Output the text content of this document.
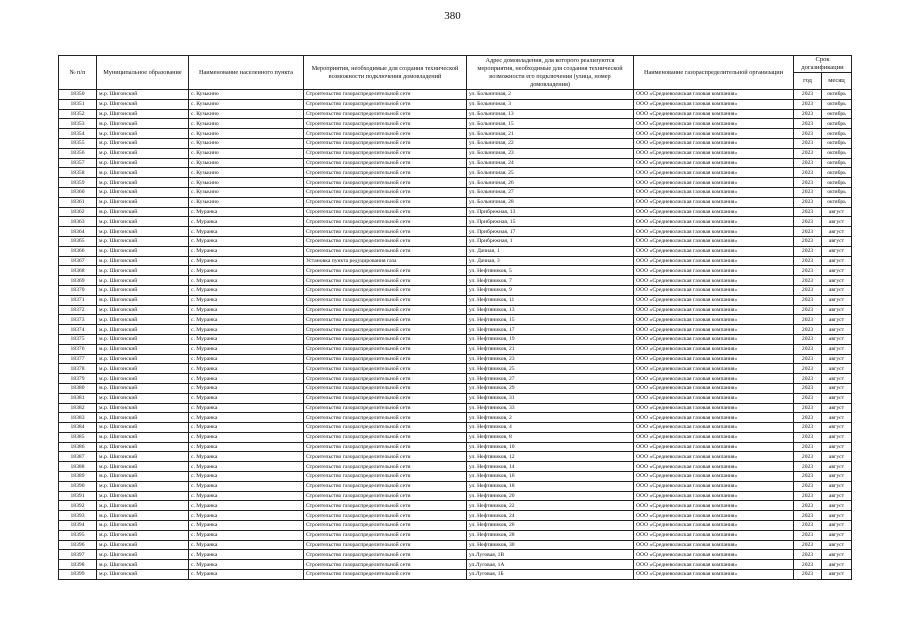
380
№ п/п	Муниципальное образование	Наименование населенного пункта	Мероприятия, необходимые для создания технической возможности подключения домовладений	Адрес домовладения, для которого реализуются мероприятия, необходимые для создания технической возможности его подключения (улица, номер домовладения)	Наименование газораспределительной организации	Срок догазификации	
						год	месяц
18350	м.р. Шигонский	с. Кузькино	Строительство газораспределительной сети	ул. Больничная, 2	ООО «Средневолжская газовая компания»	2023	октябрь
18351	м.р. Шигонский	с. Кузькино	Строительство газораспределительной сети	ул. Больничная, 3	ООО «Средневолжская газовая компания»	2023	октябрь
18352	м.р. Шигонский	с. Кузькино	Строительство газораспределительной сети	ул. Больничная, 13	ООО «Средневолжская газовая компания»	2023	октябрь
18353	м.р. Шигонский	с. Кузькино	Строительство газораспределительной сети	ул. Больничная, 15	ООО «Средневолжская газовая компания»	2023	октябрь
18354	м.р. Шигонский	с. Кузькино	Строительство газораспределительной сети	ул. Больничная, 21	ООО «Средневолжская газовая компания»	2023	октябрь
18355	м.р. Шигонский	с. Кузькино	Строительство газораспределительной сети	ул. Больничная, 22	ООО «Средневолжская газовая компания»	2023	октябрь
18356	м.р. Шигонский	с. Кузькино	Строительство газораспределительной сети	ул. Больничная, 23	ООО «Средневолжская газовая компания»	2023	октябрь
18357	м.р. Шигонский	с. Кузькино	Строительство газораспределительной сети	ул. Больничная, 24	ООО «Средневолжская газовая компания»	2023	октябрь
18358	м.р. Шигонский	с. Кузькино	Строительство газораспределительной сети	ул. Больничная, 25	ООО «Средневолжская газовая компания»	2023	октябрь
18359	м.р. Шигонский	с. Кузькино	Строительство газораспределительной сети	ул. Больничная, 26	ООО «Средневолжская газовая компания»	2023	октябрь
18360	м.р. Шигонский	с. Кузькино	Строительство газораспределительной сети	ул. Больничная, 27	ООО «Средневолжская газовая компания»	2023	октябрь
18361	м.р. Шигонский	с. Кузькино	Строительство газораспределительной сети	ул. Больничная, 28	ООО «Средневолжская газовая компания»	2023	октябрь
18362	м.р. Шигонский	с. Муранка	Строительство газораспределительной сети	ул. Прибрежная, 13	ООО «Средневолжская газовая компания»	2023	август
18363	м.р. Шигонский	с. Муранка	Строительство газораспределительной сети	ул. Прибрежная, 15	ООО «Средневолжская газовая компания»	2023	август
18364	м.р. Шигонский	с. Муранка	Строительство газораспределительной сети	ул. Прибрежная, 17	ООО «Средневолжская газовая компания»	2023	август
18365	м.р. Шигонский	с. Муранка	Строительство газораспределительной сети	ул. Прибрежная, 1	ООО «Средневолжская газовая компания»	2023	август
18366	м.р. Шигонский	с. Муранка	Строительство газораспределительной сети	ул. Дачная, 1	ООО «Средневолжская газовая компания»	2023	август
18367	м.р. Шигонский	с. Муранка	Установка пункта редуцирования газа	ул. Дачная, 3	ООО «Средневолжская газовая компания»	2023	август
18368	м.р. Шигонский	с. Муранка	Строительство газораспределительной сети	ул. Нефтяников, 5	ООО «Средневолжская газовая компания»	2023	август
18369	м.р. Шигонский	с. Муранка	Строительство газораспределительной сети	ул. Нефтяников, 7	ООО «Средневолжская газовая компания»	2023	август
18370	м.р. Шигонский	с. Муранка	Строительство газораспределительной сети	ул. Нефтяников, 9	ООО «Средневолжская газовая компания»	2023	август
18371	м.р. Шигонский	с. Муранка	Строительство газораспределительной сети	ул. Нефтяников, 11	ООО «Средневолжская газовая компания»	2023	август
18372	м.р. Шигонский	с. Муранка	Строительство газораспределительной сети	ул. Нефтяников, 13	ООО «Средневолжская газовая компания»	2023	август
18373	м.р. Шигонский	с. Муранка	Строительство газораспределительной сети	ул. Нефтяников, 15	ООО «Средневолжская газовая компания»	2023	август
18374	м.р. Шигонский	с. Муранка	Строительство газораспределительной сети	ул. Нефтяников, 17	ООО «Средневолжская газовая компания»	2023	август
18375	м.р. Шигонский	с. Муранка	Строительство газораспределительной сети	ул. Нефтяников, 19	ООО «Средневолжская газовая компания»	2023	август
18376	м.р. Шигонский	с. Муранка	Строительство газораспределительной сети	ул. Нефтяников, 21	ООО «Средневолжская газовая компания»	2023	август
18377	м.р. Шигонский	с. Муранка	Строительство газораспределительной сети	ул. Нефтяников, 23	ООО «Средневолжская газовая компания»	2023	август
18378	м.р. Шигонский	с. Муранка	Строительство газораспределительной сети	ул. Нефтяников, 25	ООО «Средневолжская газовая компания»	2023	август
18379	м.р. Шигонский	с. Муранка	Строительство газораспределительной сети	ул. Нефтяников, 27	ООО «Средневолжская газовая компания»	2023	август
18380	м.р. Шигонский	с. Муранка	Строительство газораспределительной сети	ул. Нефтяников, 29	ООО «Средневолжская газовая компания»	2023	август
18381	м.р. Шигонский	с. Муранка	Строительство газораспределительной сети	ул. Нефтяников, 31	ООО «Средневолжская газовая компания»	2023	август
18382	м.р. Шигонский	с. Муранка	Строительство газораспределительной сети	ул. Нефтяников, 33	ООО «Средневолжская газовая компания»	2023	август
18383	м.р. Шигонский	с. Муранка	Строительство газораспределительной сети	ул. Нефтяников, 2	ООО «Средневолжская газовая компания»	2023	август
18384	м.р. Шигонский	с. Муранка	Строительство газораспределительной сети	ул. Нефтяников, 4	ООО «Средневолжская газовая компания»	2023	август
18385	м.р. Шигонский	с. Муранка	Строительство газораспределительной сети	ул. Нефтяников, 8	ООО «Средневолжская газовая компания»	2023	август
18386	м.р. Шигонский	с. Муранка	Строительство газораспределительной сети	ул. Нефтяников, 10	ООО «Средневолжская газовая компания»	2023	август
18387	м.р. Шигонский	с. Муранка	Строительство газораспределительной сети	ул. Нефтяников, 12	ООО «Средневолжская газовая компания»	2023	август
18388	м.р. Шигонский	с. Муранка	Строительство газораспределительной сети	ул. Нефтяников, 14	ООО «Средневолжская газовая компания»	2023	август
18389	м.р. Шигонский	с. Муранка	Строительство газораспределительной сети	ул. Нефтяников, 16	ООО «Средневолжская газовая компания»	2023	август
18390	м.р. Шигонский	с. Муранка	Строительство газораспределительной сети	ул. Нефтяников, 18	ООО «Средневолжская газовая компания»	2023	август
18391	м.р. Шигонский	с. Муранка	Строительство газораспределительной сети	ул. Нефтяников, 20	ООО «Средневолжская газовая компания»	2023	август
18392	м.р. Шигонский	с. Муранка	Строительство газораспределительной сети	ул. Нефтяников, 22	ООО «Средневолжская газовая компания»	2023	август
18393	м.р. Шигонский	с. Муранка	Строительство газораспределительной сети	ул. Нефтяников, 24	ООО «Средневолжская газовая компания»	2023	август
18394	м.р. Шигонский	с. Муранка	Строительство газораспределительной сети	ул. Нефтяников, 26	ООО «Средневолжская газовая компания»	2023	август
18395	м.р. Шигонский	с. Муранка	Строительство газораспределительной сети	ул. Нефтяников, 28	ООО «Средневолжская газовая компания»	2023	август
18396	м.р. Шигонский	с. Муранка	Строительство газораспределительной сети	ул. Нефтяников, 30	ООО «Средневолжская газовая компания»	2023	август
18397	м.р. Шигонский	с. Муранка	Строительство газораспределительной сети	ул.Луговая, 1В	ООО «Средневолжская газовая компания»	2023	август
18398	м.р. Шигонский	с. Муранка	Строительство газораспределительной сети	ул.Луговая, 1А	ООО «Средневолжская газовая компания»	2023	август
18399	м.р. Шигонский	с. Муранка	Строительство газораспределительной сети	ул.Луговая, 1Б	ООО «Средневолжская газовая компания»	2023	август
